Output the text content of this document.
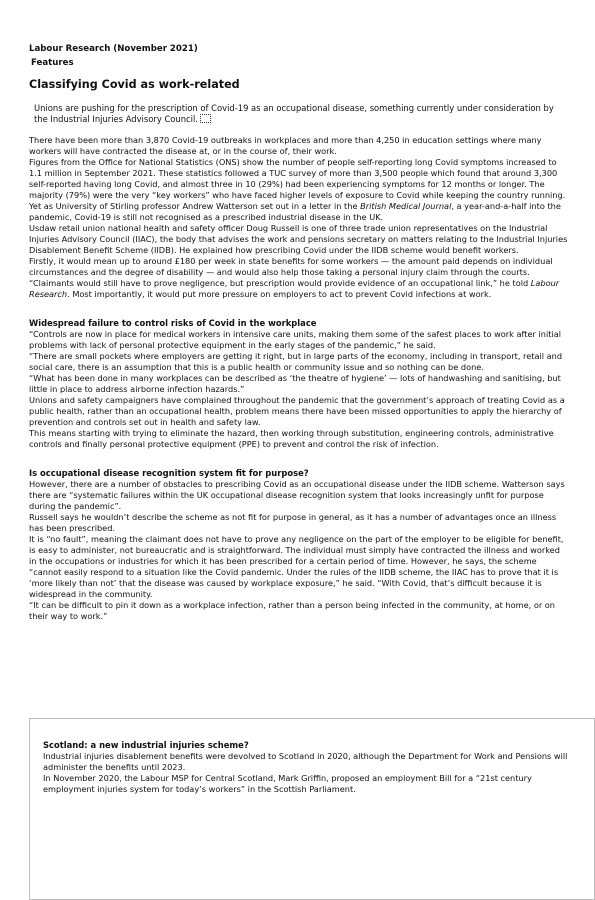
Labour Research (November 2021)
Features
Classifying Covid as work-related
Unions are pushing for the prescription of Covid-19 as an occupational disease, something currently under consideration by the Industrial Injuries Advisory Council.

There have been more than 3,870 Covid-19 outbreaks in workplaces and more than 4,250 in education settings where many workers will have contracted the disease at, or in the course of, their work.

Figures from the Office for National Statistics (ONS) show the number of people self-reporting long Covid symptoms increased to 1.1 million in September 2021. These statistics followed a TUC survey of more than 3,500 people which found that around 3,300 self-reported having long Covid, and almost three in 10 (29%) had been experiencing symptoms for 12 months or longer. The majority (79%) were the very “key workers” who have faced higher levels of exposure to Covid while keeping the country running.

Yet as University of Stirling professor Andrew Watterson set out in a letter in the British Medical Journal, a year-and-a-half into the pandemic, Covid-19 is still not recognised as a prescribed industrial disease in the UK.

Usdaw retail union national health and safety officer Doug Russell is one of three trade union representatives on the Industrial Injuries Advisory Council (IIAC), the body that advises the work and pensions secretary on matters relating to the Industrial Injuries Disablement Benefit Scheme (IIDB). He explained how prescribing Covid under the IIDB scheme would benefit workers.

Firstly, it would mean up to around £180 per week in state benefits for some workers — the amount paid depends on individual circumstances and the degree of disability — and would also help those taking a personal injury claim through the courts. “Claimants would still have to prove negligence, but prescription would provide evidence of an occupational link,” he told Labour Research. Most importantly, it would put more pressure on employers to act to prevent Covid infections at work.

Widespread failure to control risks of Covid in the workplace

“Controls are now in place for medical workers in intensive care units, making them some of the safest places to work after initial problems with lack of personal protective equipment in the early stages of the pandemic,” he said.

“There are small pockets where employers are getting it right, but in large parts of the economy, including in transport, retail and social care, there is an assumption that this is a public health or community issue and so nothing can be done.

“What has been done in many workplaces can be described as ‘the theatre of hygiene’ — lots of handwashing and sanitising, but little in place to address airborne infection hazards.”

Unions and safety campaigners have complained throughout the pandemic that the government’s approach of treating Covid as a public health, rather than an occupational health, problem means there have been missed opportunities to apply the hierarchy of prevention and controls set out in health and safety law.

This means starting with trying to eliminate the hazard, then working through substitution, engineering controls, administrative controls and finally personal protective equipment (PPE) to prevent and control the risk of infection.

Is occupational disease recognition system fit for purpose?

However, there are a number of obstacles to prescribing Covid as an occupational disease under the IIDB scheme. Watterson says there are “systematic failures within the UK occupational disease recognition system that looks increasingly unfit for purpose during the pandemic”.

Russell says he wouldn’t describe the scheme as not fit for purpose in general, as it has a number of advantages once an illness has been prescribed.

It is “no fault”, meaning the claimant does not have to prove any negligence on the part of the employer to be eligible for benefit, is easy to administer, not bureaucratic and is straightforward. The individual must simply have contracted the illness and worked in the occupations or industries for which it has been prescribed for a certain period of time. However, he says, the scheme “cannot easily respond to a situation like the Covid pandemic. Under the rules of the IIDB scheme, the IIAC has to prove that it is ‘more likely than not’ that the disease was caused by workplace exposure,” he said. “With Covid, that’s difficult because it is widespread in the community.

“It can be difficult to pin it down as a workplace infection, rather than a person being infected in the community, at home, or on their way to work.”

Scotland: a new industrial injuries scheme?

Industrial injuries disablement benefits were devolved to Scotland in 2020, although the Department for Work and Pensions will administer the benefits until 2023.

In November 2020, the Labour MSP for Central Scotland, Mark Griffin, proposed an employment Bill for a “21st century employment injuries system for today’s workers” in the Scottish Parliament.
